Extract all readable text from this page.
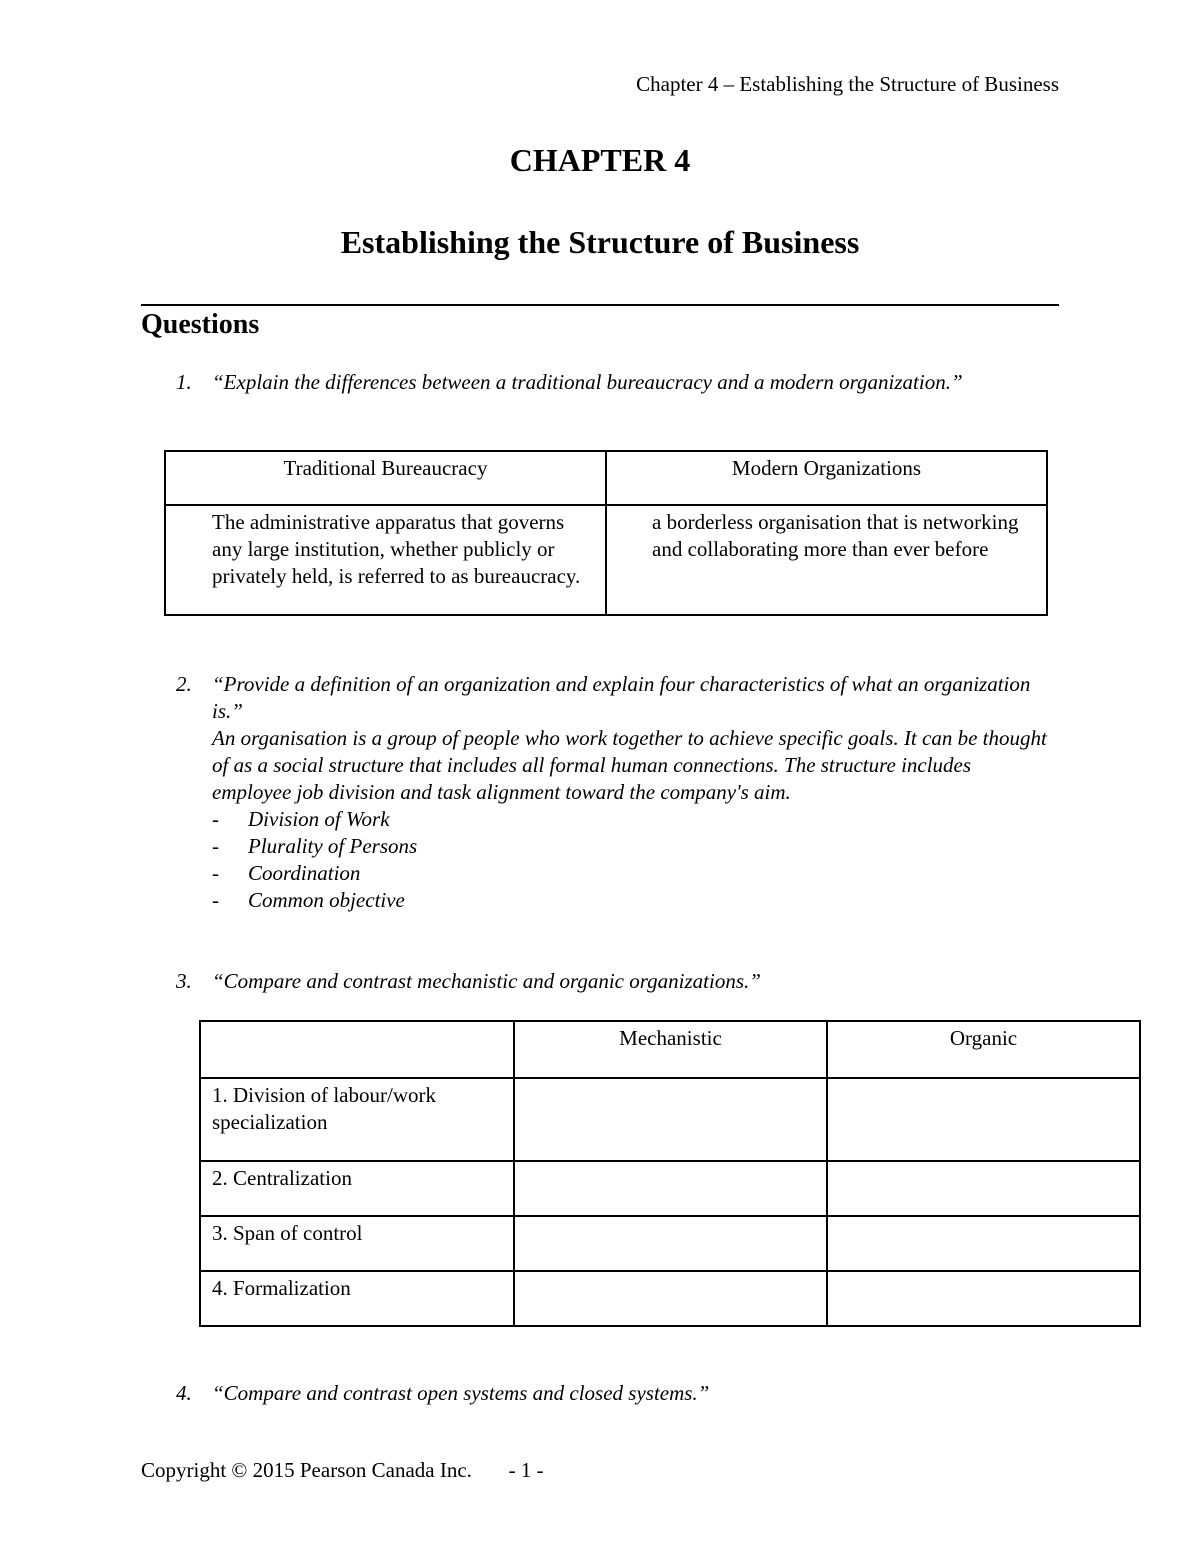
Chapter 4 – Establishing the Structure of Business
CHAPTER 4
Establishing the Structure of Business
Questions
1. “Explain the differences between a traditional bureaucracy and a modern organization.”
Traditional Bureaucracy	Modern Organizations
The administrative apparatus that governs any large institution, whether publicly or privately held, is referred to as bureaucracy.	a borderless organisation that is networking and collaborating more than ever before
2. “Provide a definition of an organization and explain four characteristics of what an organization is.”
An organisation is a group of people who work together to achieve specific goals. It can be thought of as a social structure that includes all formal human connections. The structure includes employee job division and task alignment toward the company's aim.
- Division of Work
- Plurality of Persons
- Coordination
- Common objective
3. “Compare and contrast mechanistic and organic organizations.”
	Mechanistic	Organic
1. Division of labour/work specialization		
2. Centralization		
3. Span of control		
4. Formalization		
4. “Compare and contrast open systems and closed systems.”
Copyright © 2015 Pearson Canada Inc. - 1 -
